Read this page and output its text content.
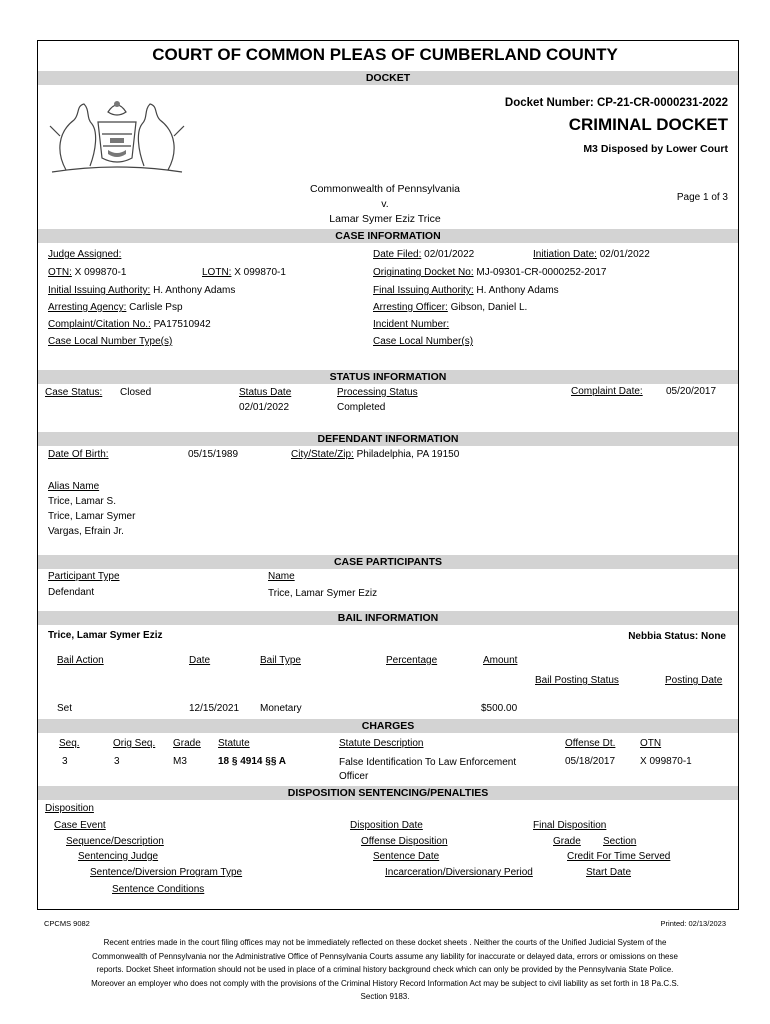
COURT OF COMMON PLEAS OF CUMBERLAND COUNTY
DOCKET
Docket Number: CP-21-CR-0000231-2022
CRIMINAL DOCKET
M3 Disposed by Lower Court
Commonwealth of Pennsylvania
v.
Lamar Symer Eziz Trice
Page 1 of 3
CASE INFORMATION
Judge Assigned:	Date Filed: 02/01/2022	Initiation Date: 02/01/2022
OTN: X 099870-1	LOTN: X 099870-1	Originating Docket No: MJ-09301-CR-0000252-2017
Initial Issuing Authority: H. Anthony Adams	Final Issuing Authority: H. Anthony Adams
Arresting Agency: Carlisle Psp	Arresting Officer: Gibson, Daniel L.
Complaint/Citation No.: PA17510942	Incident Number:
Case Local Number Type(s)	Case Local Number(s)
STATUS INFORMATION
Case Status: Closed	Status Date
02/01/2022
Processing Status
Completed
Complaint Date: 05/20/2017
DEFENDANT INFORMATION
Date Of Birth:	05/15/1989	City/State/Zip: Philadelphia, PA 19150
Alias Name
Trice, Lamar S.
Trice, Lamar Symer
Vargas, Efrain Jr.
CASE PARTICIPANTS
Participant Type	Name
Defendant	Trice, Lamar Symer Eziz
BAIL INFORMATION
Trice, Lamar Symer Eziz	Nebbia Status: None
Bail Action	Date	Bail Type	Percentage	Amount
Bail Posting Status	Posting Date
Set	12/15/2021 Monetary	$500.00
CHARGES
Seq.	Orig Seq. Grade Statute	Statute Description	Offense Dt. OTN
3	3	M3	18 § 4914 §§ A	False Identification To Law Enforcement
Officer
05/18/2017 X 099870-1
DISPOSITION SENTENCING/PENALTIES
Disposition
Case Event
Sequence/Description
Sentencing Judge
Sentence/Diversion Program Type
Sentence Conditions
Disposition Date
Offense Disposition
Sentence Date
Incarceration/Diversionary Period
Final Disposition
Grade Section
Credit For Time Served
Start Date
CPCMS 9082	Printed: 02/13/2023
Recent entries made in the court filing offices may not be immediately reflected on these docket sheets . Neither the courts of the Unified Judicial System of the Commonwealth of Pennsylvania nor the Administrative Office of Pennsylvania Courts assume any liability for inaccurate or delayed data, errors or omissions on these reports. Docket Sheet information should not be used in place of a criminal history background check which can only be provided by the Pennsylvania State Police. Moreover an employer who does not comply with the provisions of the Criminal History Record Information Act may be subject to civil liability as set forth in 18 Pa.C.S. Section 9183.
